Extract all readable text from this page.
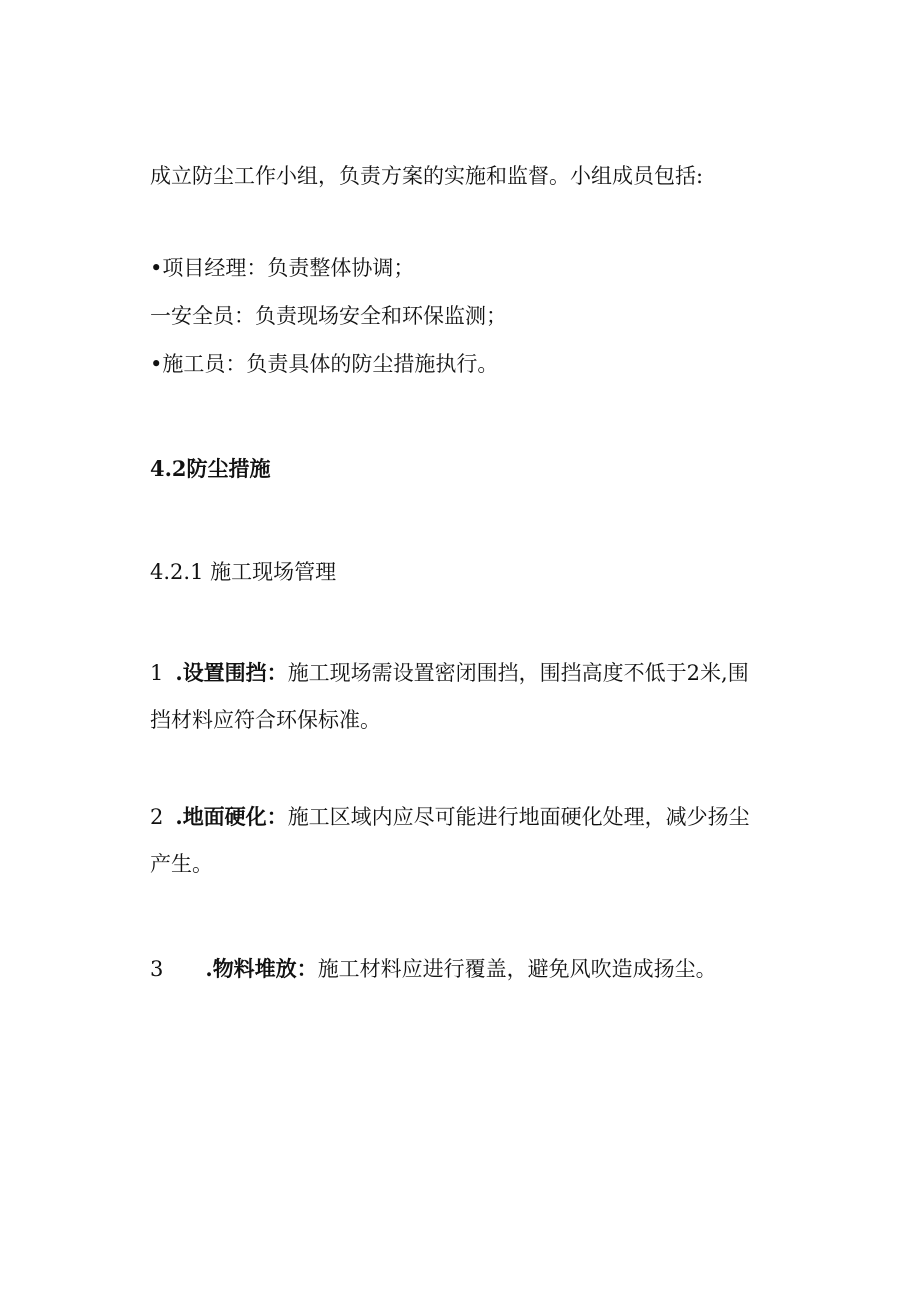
成立防尘工作小组，负责方案的实施和监督。小组成员包括:

•项目经理：负责整体协调；

一安全员：负责现场安全和环保监测；

•施工员：负责具体的防尘措施执行。

4.2防尘措施

4.2.1 施工现场管理

1 .设置围挡：施工现场需设置密闭围挡，围挡高度不低于2米,围

挡材料应符合环保标准。

2 .地面硬化：施工区域内应尽可能进行地面硬化处理，减少扬尘

产生。

3 .物料堆放：施工材料应进行覆盖，避免风吹造成扬尘。
